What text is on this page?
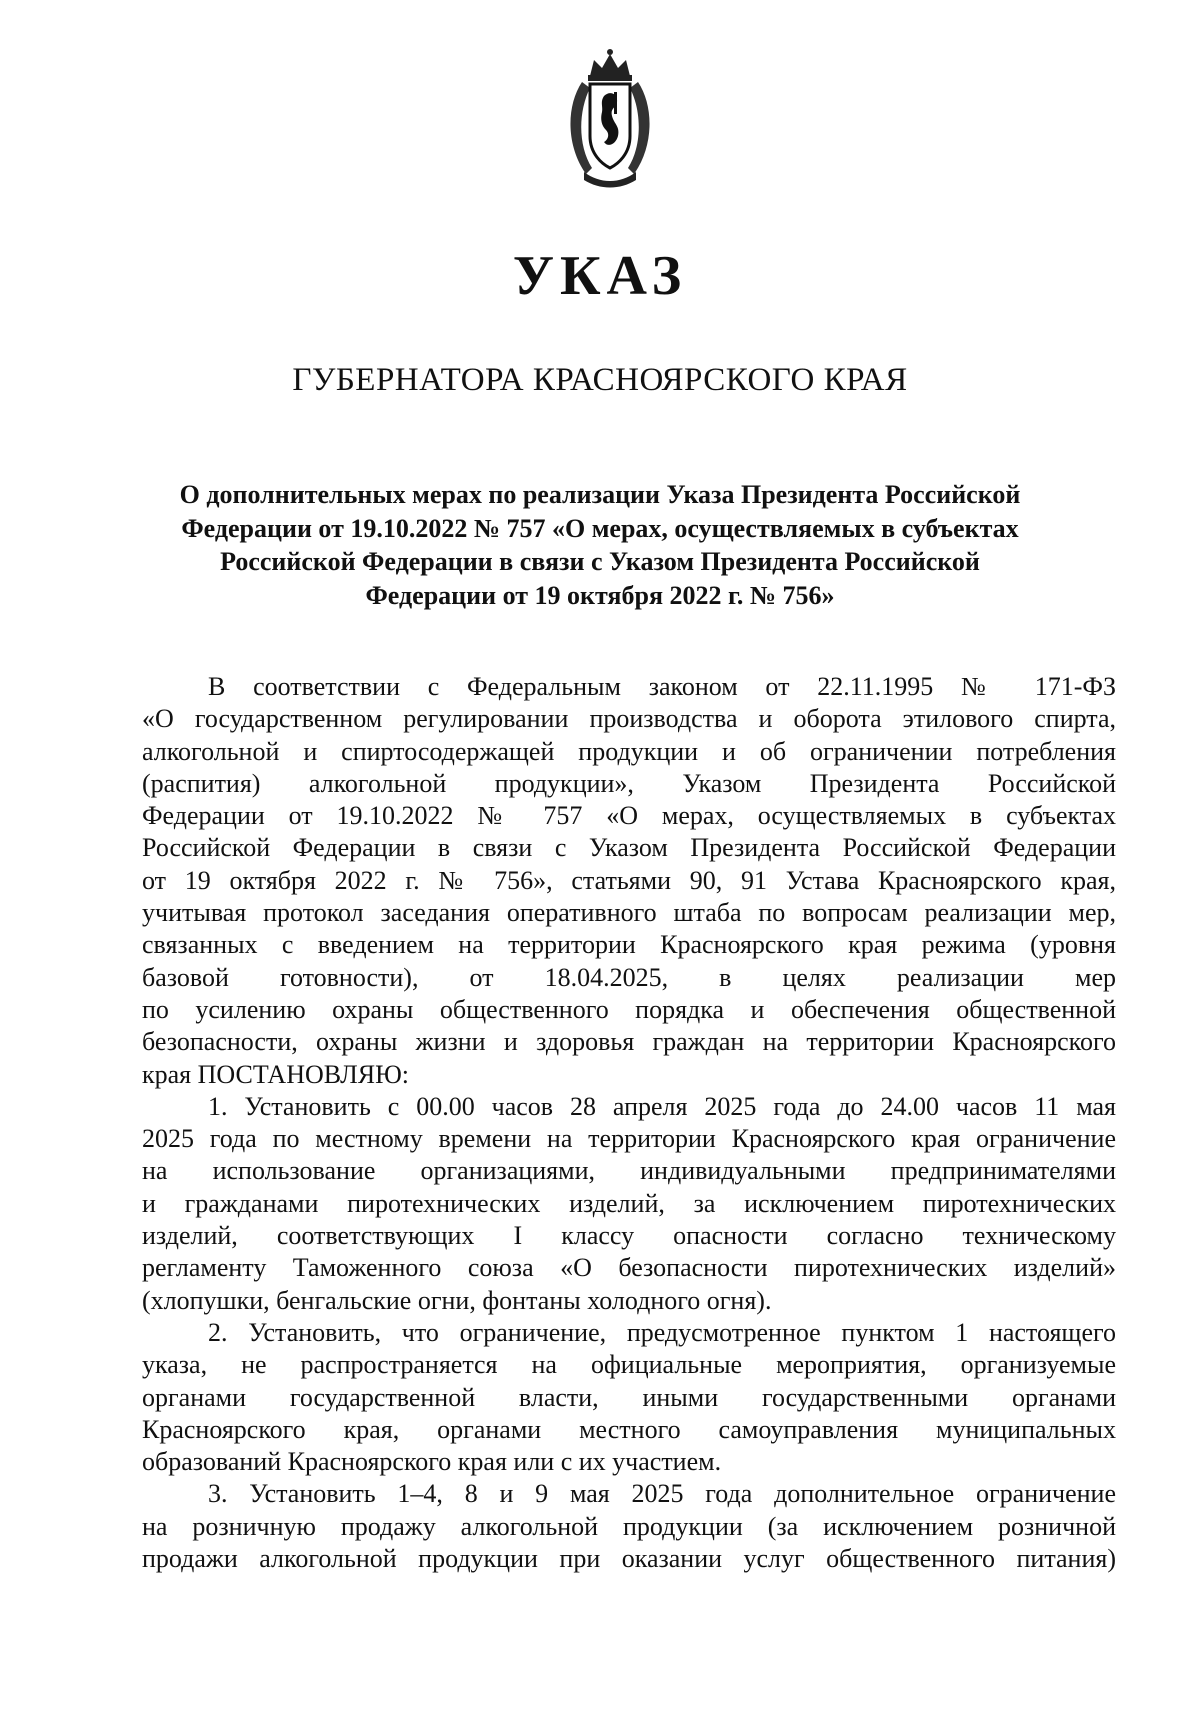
УКАЗ
ГУБЕРНАТОРА КРАСНОЯРСКОГО КРАЯ
О дополнительных мерах по реализации Указа Президента Российской
Федерации от 19.10.2022 № 757 «О мерах, осуществляемых в субъектах
Российской Федерации в связи с Указом Президента Российской
Федерации от 19 октября 2022 г. № 756»

В соответствии с Федеральным законом от 22.11.1995 № 171-ФЗ
«О государственном регулировании производства и оборота этилового спирта,
алкогольной и спиртосодержащей продукции и об ограничении потребления
(распития) алкогольной продукции», Указом Президента Российской
Федерации от 19.10.2022 № 757 «О мерах, осуществляемых в субъектах
Российской Федерации в связи с Указом Президента Российской Федерации
от 19 октября 2022 г. № 756», статьями 90, 91 Устава Красноярского края,
учитывая протокол заседания оперативного штаба по вопросам реализации мер,
связанных с введением на территории Красноярского края режима (уровня
базовой готовности), от 18.04.2025, в целях реализации мер
по усилению охраны общественного порядка и обеспечения общественной
безопасности, охраны жизни и здоровья граждан на территории Красноярского
края ПОСТАНОВЛЯЮ:

1. Установить с 00.00 часов 28 апреля 2025 года до 24.00 часов 11 мая
2025 года по местному времени на территории Красноярского края ограничение
на использование организациями, индивидуальными предпринимателями
и гражданами пиротехнических изделий, за исключением пиротехнических
изделий, соответствующих I классу опасности согласно техническому
регламенту Таможенного союза «О безопасности пиротехнических изделий»
(хлопушки, бенгальские огни, фонтаны холодного огня).

2. Установить, что ограничение, предусмотренное пунктом 1 настоящего
указа, не распространяется на официальные мероприятия, организуемые
органами государственной власти, иными государственными органами
Красноярского края, органами местного самоуправления муниципальных
образований Красноярского края или с их участием.

3. Установить 1–4, 8 и 9 мая 2025 года дополнительное ограничение
на розничную продажу алкогольной продукции (за исключением розничной
продажи алкогольной продукции при оказании услуг общественного питания)
